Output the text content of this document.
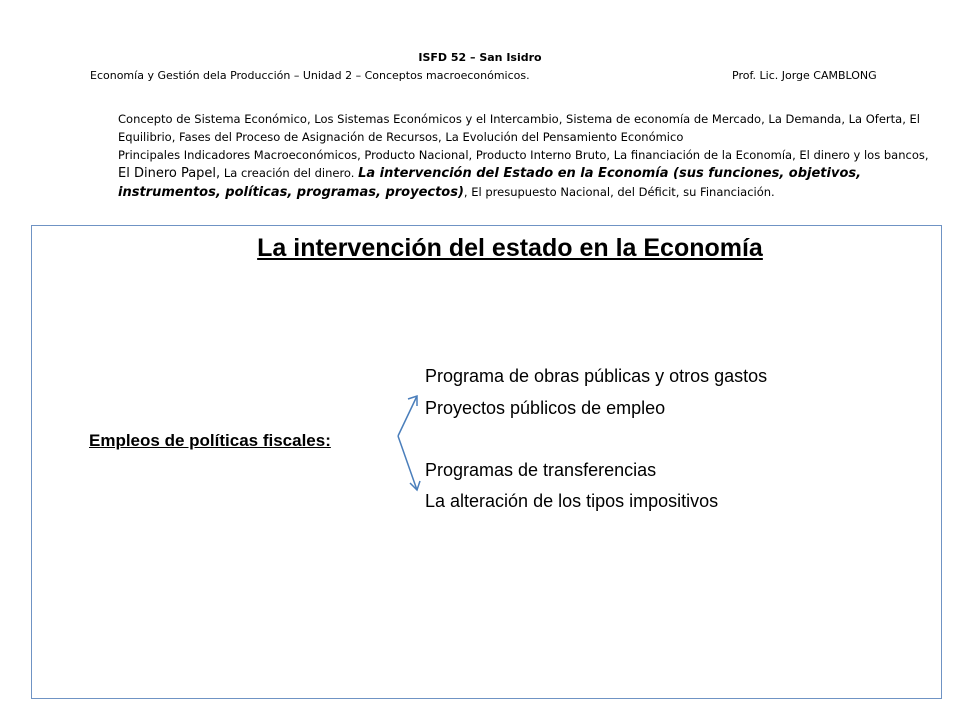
ISFD 52 – San Isidro
Economía y Gestión dela Producción – Unidad 2 – Conceptos macroeconómicos.	Prof. Lic. Jorge CAMBLONG
Concepto de Sistema Económico, Los Sistemas Económicos y el Intercambio, Sistema de economía de Mercado, La Demanda, La Oferta, El Equilibrio, Fases del Proceso de Asignación de Recursos, La Evolución del Pensamiento Económico
Principales Indicadores Macroeconómicos, Producto Nacional, Producto Interno Bruto, La financiación de la Economía, El dinero y los bancos, El Dinero Papel, La creación del dinero. La intervención del Estado en la Economía (sus funciones, objetivos, instrumentos, políticas, programas, proyectos), El presupuesto Nacional, del Déficit, su Financiación.
La intervención del estado en la Economía
Empleos de políticas fiscales:
Programa de obras públicas y otros gastos
Proyectos públicos de empleo
Programas de transferencias
La alteración de los tipos impositivos
